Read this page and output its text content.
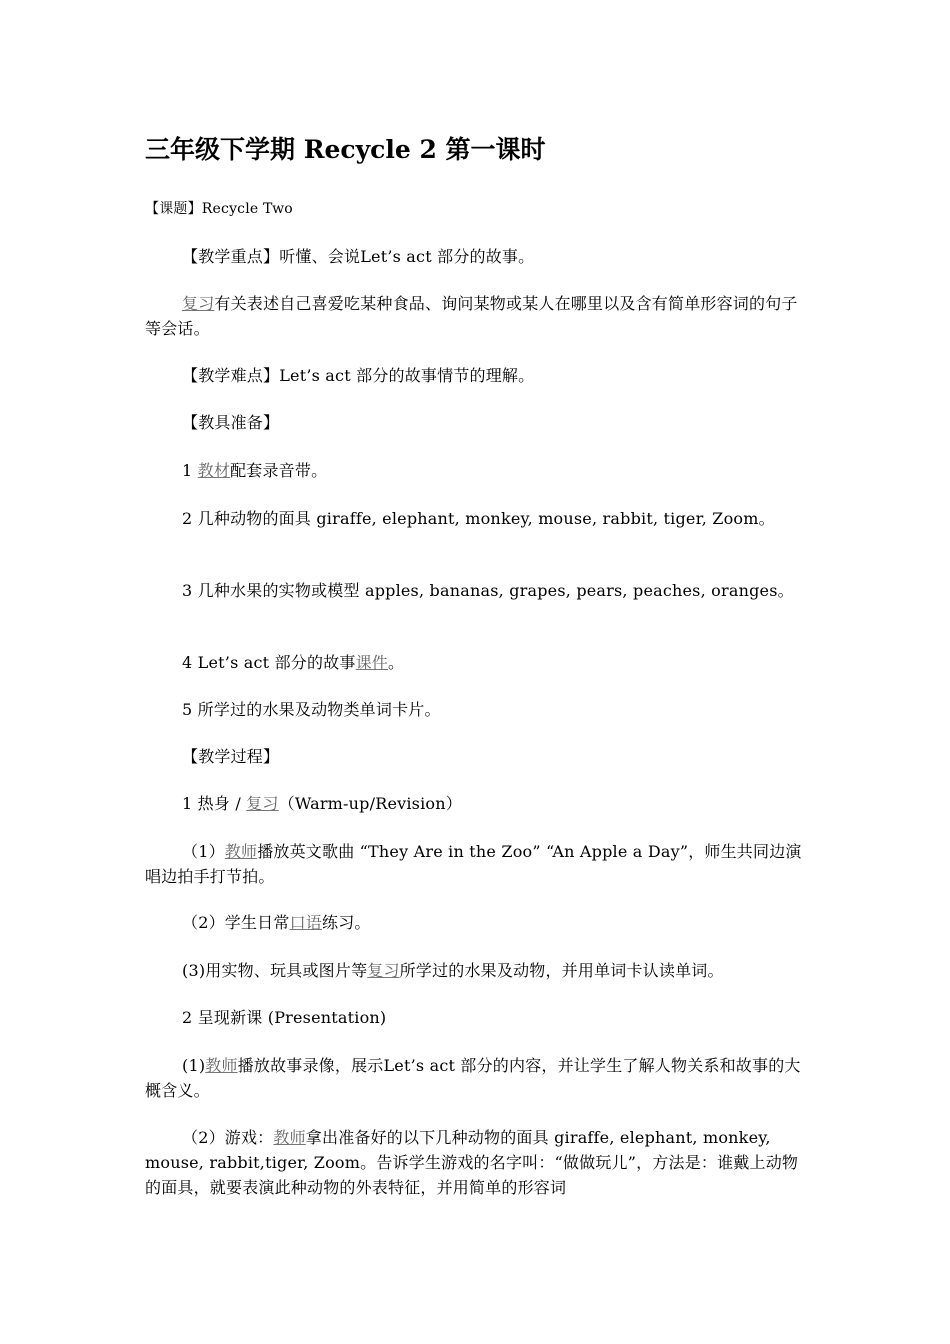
三年级下学期 Recycle 2 第一课时
【课题】Recycle Two
【教学重点】听懂、会说Let’s act 部分的故事。
复习有关表述自己喜爱吃某种食品、询问某物或某人在哪里以及含有简单形容词的句子等会话。
【教学难点】Let’s act 部分的故事情节的理解。
【教具准备】
1 教材配套录音带。
2 几种动物的面具 giraffe, elephant, monkey, mouse, rabbit, tiger, Zoom。
3 几种水果的实物或模型 apples, bananas, grapes, pears, peaches, oranges。
4 Let’s act 部分的故事课件。
5 所学过的水果及动物类单词卡片。
【教学过程】
1 热身 / 复习（Warm-up/Revision）
（1）教师播放英文歌曲 “They Are in the Zoo” “An Apple a Day”，师生共同边演唱边拍手打节拍。
（2）学生日常口语练习。
(3)用实物、玩具或图片等复习所学过的水果及动物，并用单词卡认读单词。
2 呈现新课 (Presentation)
(1)教师播放故事录像，展示Let’s act 部分的内容，并让学生了解人物关系和故事的大概含义。
（2）游戏：教师拿出准备好的以下几种动物的面具 giraffe, elephant, monkey, mouse, rabbit,tiger, Zoom。告诉学生游戏的名字叫：“做做玩儿”，方法是：谁戴上动物的面具，就要表演此种动物的外表特征，并用简单的形容词
